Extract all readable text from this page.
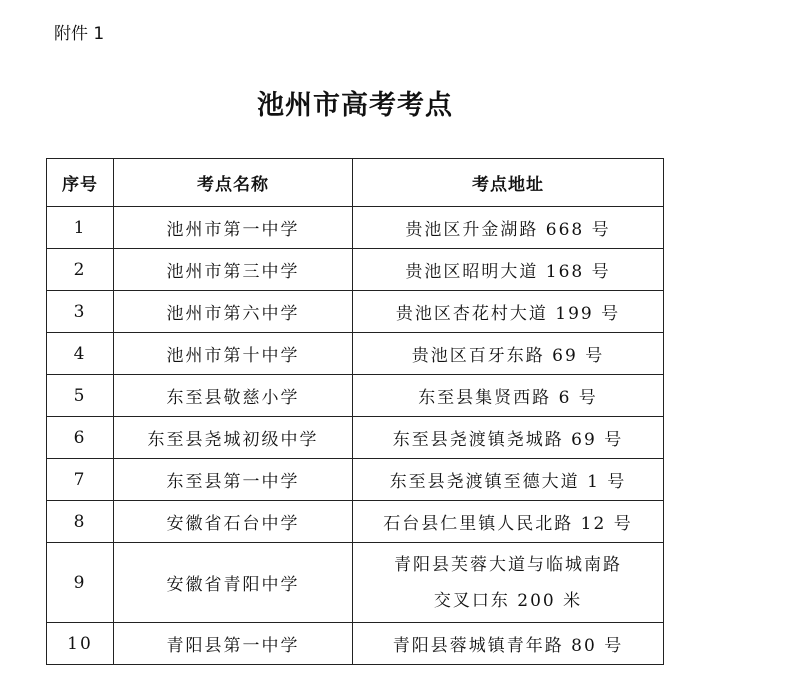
附件 1
池州市高考考点
序号	考点名称	考点地址
1	池州市第一中学	贵池区升金湖路 668 号
2	池州市第三中学	贵池区昭明大道 168 号
3	池州市第六中学	贵池区杏花村大道 199 号
4	池州市第十中学	贵池区百牙东路 69 号
5	东至县敬慈小学	东至县集贤西路 6 号
6	东至县尧城初级中学	东至县尧渡镇尧城路 69 号
7	东至县第一中学	东至县尧渡镇至德大道 1 号
8	安徽省石台中学	石台县仁里镇人民北路 12 号
9	安徽省青阳中学	青阳县芙蓉大道与临城南路
交叉口东 200 米

10	青阳县第一中学	青阳县蓉城镇青年路 80 号
